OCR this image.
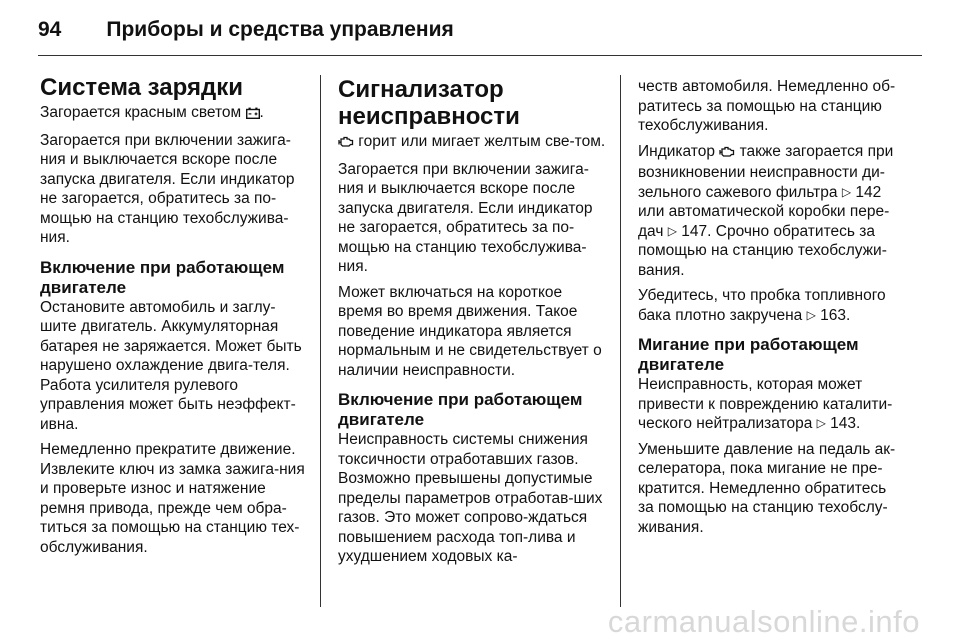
94 Приборы и средства управления
Система зарядки

Загорается красным светом .

Загорается при включении зажига-ния и выключается вскоре после запуска двигателя. Если индикатор не загорается, обратитесь за по-мощью на станцию техобслужива-ния.

Включение при работающем двигателе

Остановите автомобиль и заглу-шите двигатель. Аккумуляторная батарея не заряжается. Может быть нарушено охлаждение двига-теля. Работа усилителя рулевого управления может быть неэффект-ивна.

Немедленно прекратите движение. Извлеките ключ из замка зажига-ния и проверьте износ и натяжение ремня привода, прежде чем обра-титься за помощью на станцию тех-обслуживания.

Сигнализатор неисправности

горит или мигает желтым све-том.

Загорается при включении зажига-ния и выключается вскоре после запуска двигателя. Если индикатор не загорается, обратитесь за по-мощью на станцию техобслужива-ния.

Может включаться на короткое время во время движения. Такое поведение индикатора является нормальным и не свидетельствует о наличии неисправности.

Включение при работающем двигателе

Неисправность системы снижения токсичности отработавших газов. Возможно превышены допустимые пределы параметров отработав-ших газов. Это может сопрово-ждаться повышением расхода топ-лива и ухудшением ходовых ка-

честв автомобиля. Немедленно об-ратитесь за помощью на станцию техобслуживания.

Индикатор  также загорается при возникновении неисправности ди-зельного сажевого фильтра ▷ 142 или автоматической коробки пере-дач ▷ 147. Срочно обратитесь за помощью на станцию техобслужи-вания.

Убедитесь, что пробка топливного бака плотно закручена ▷ 163.

Мигание при работающем двигателе

Неисправность, которая может привести к повреждению каталити-ческого нейтрализатора ▷ 143.

Уменьшите давление на педаль ак-селератора, пока мигание не пре-кратится. Немедленно обратитесь за помощью на станцию техобслу-живания.

carmanualsonline.info
